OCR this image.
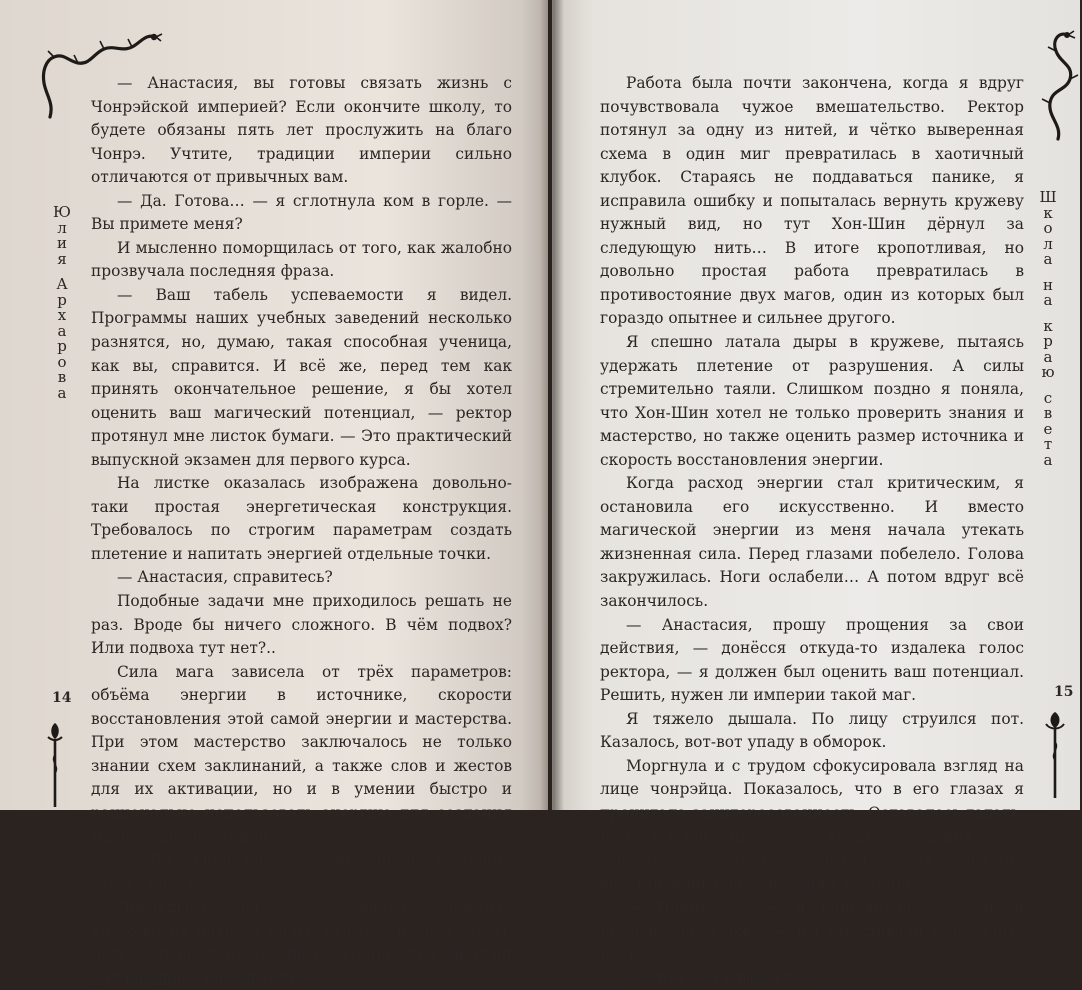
Ю
л
и
я
А
р
х
а
р
о
в
а

— Анастасия, вы готовы связать жизнь с Чонрэйской империей? Если окончите школу, то будете обязаны пять лет прослужить на благо Чонрэ. Учтите, традиции империи сильно отличаются от привычных вам.

— Да. Готова… — я сглотнула ком в горле. — Вы примете меня?

И мысленно поморщилась от того, как жалобно прозвучала последняя фраза.

— Ваш табель успеваемости я видел. Программы наших учебных заведений несколько разнятся, но, думаю, такая способная ученица, как вы, справится. И всё же, перед тем как принять окончательное решение, я бы хотел оценить ваш магический потенциал, — ректор протянул мне листок бумаги. — Это практический выпускной экзамен для первого курса.

На листке оказалась изображена довольно-таки простая энергетическая конструкция. Требовалось по строгим параметрам создать плетение и напитать энергией отдельные точки.

— Анастасия, справитесь?

Подобные задачи мне приходилось решать не раз. Вроде бы ничего сложного. В чём подвох? Или подвоха тут нет?..

Сила мага зависела от трёх параметров: объёма энергии в источнике, скорости восстановления этой самой энергии и мастерства. При этом мастерство заключалось не только знании схем заклинаний, а также слов и жестов для их активации, но и в умении быстро и рационально использовать энергию для создания магических плетений.

— Да, справлюсь, — не очень уверенно отозвалась я.

Поглядывая на схему, начала сплетать кружево из потоков силы. Быстро, но без суеты, чётко отмеряя необходимое количество энергии для каждой узловой точки.

14
Ш
к
о
л
а
н
а
к
р
а
ю
с
в
е
т
а

Работа была почти закончена, когда я вдруг почувствовала чужое вмешательство. Ректор потянул за одну из нитей, и чётко выверенная схема в один миг превратилась в хаотичный клубок. Стараясь не поддаваться панике, я исправила ошибку и попыталась вернуть кружеву нужный вид, но тут Хон-Шин дёрнул за следующую нить… В итоге кропотливая, но довольно простая работа превратилась в противостояние двух магов, один из которых был гораздо опытнее и сильнее другого.

Я спешно латала дыры в кружеве, пытаясь удержать плетение от разрушения. А силы стремительно таяли. Слишком поздно я поняла, что Хон-Шин хотел не только проверить знания и мастерство, но также оценить размер источника и скорость восстановления энергии.

Когда расход энергии стал критическим, я остановила его искусственно. И вместо магической энергии из меня начала утекать жизненная сила. Перед глазами побелело. Голова закружилась. Ноги ослабели… А потом вдруг всё закончилось.

— Анастасия, прошу прощения за свои действия, — донёсся откуда-то издалека голос ректора, — я должен был оценить ваш потенциал. Решить, нужен ли империи такой маг.

Я тяжело дышала. По лицу струился пот. Казалось, вот-вот упаду в обморок.

Моргнула и с трудом сфокусировала взгляд на лице чонрэйца. Показалось, что в его глазах я прочитала заинтересованность. Оставалось гадать, чем вызван интерес? Архимаг оценил моё мастерство? Или заметил, как быстро восстанавливалась энергия в источнике?

— Понимаю… — я кашлянула в кулак и произнесла твёрже: — Вы взвешивали возможные риски.

Ректор Хон улыбнулся.

15
